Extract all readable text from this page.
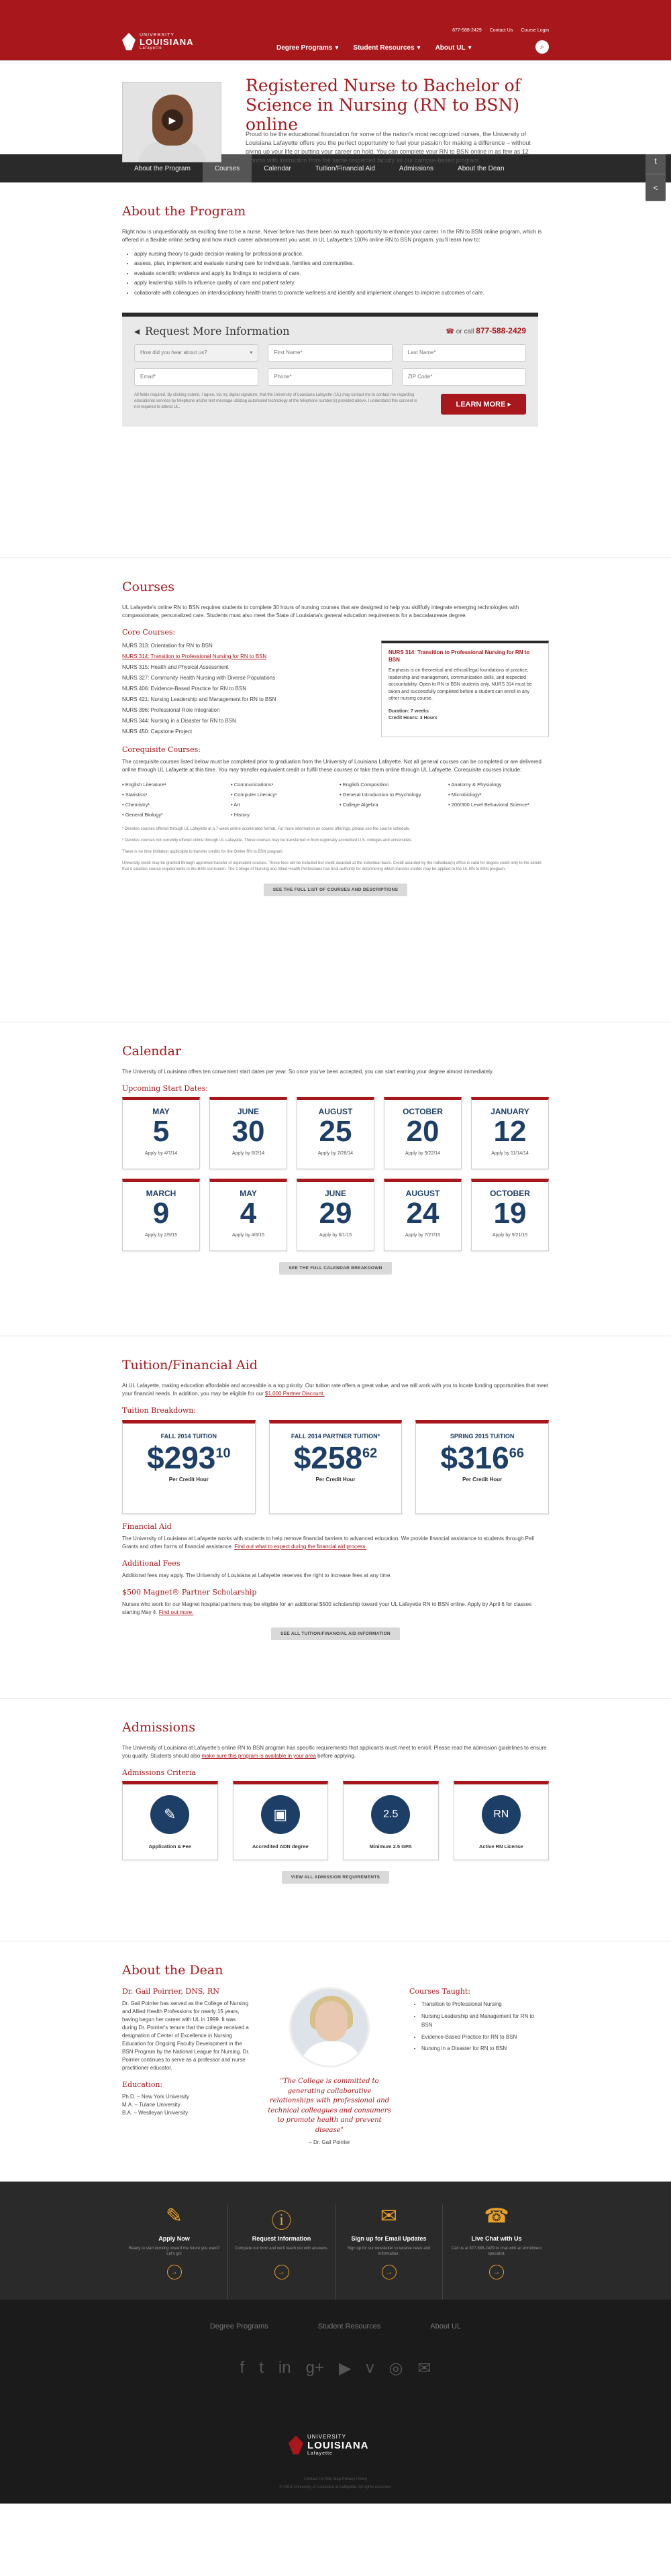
UNIVERSITY
LOUISIANA
Lafayette
877-588-2429 Contact Us Course Login
Degree Programs ▾ Student Resources ▾ About UL ▾	⌕
t
<
▶
Registered Nurse to Bachelor of Science in Nursing (RN to BSN) online

Proud to be the educational foundation for some of the nation's most recognized nurses, the University of Louisiana Lafayette offers you the perfect opportunity to fuel your passion for making a difference – without giving up your life or putting your career on hold. You can complete your RN to BSN online in as few as 12 months with instruction from the same respected faculty as our campus-based program.

About the Program	Courses	Calendar	Tuition/Financial Aid	Admissions	About the Dean
About the Program

Right now is unquestionably an exciting time to be a nurse. Never before has there been so much opportunity to enhance your career. In the RN to BSN online program, which is offered in a flexible online setting and how much career advancement you want, in UL Lafayette's 100% online RN to BSN program, you'll learn how to:

• apply nursing theory to guide decision-making for professional practice.
• assess, plan, implement and evaluate nursing care for individuals, families and communities.
• evaluate scientific evidence and apply its findings to recipients of care.
• apply leadership skills to influence quality of care and patient safety.
• collaborate with colleagues on interdisciplinary health teams to promote wellness and identify and implement changes to improve outcomes of care.
◂ Request More Information	☎ or call 877-588-2429
How did you hear about us?	▾	First Name*	Last Name*
Email*	Phone*	ZIP Code*

All fields required. By clicking submit, I agree, via my digital signature, that the University of Louisiana Lafayette (UL) may contact me to contact me regarding educational services by telephone and/or text message utilizing automated technology at the telephone number(s) provided above. I understand this consent is not required to attend UL.	LEARN MORE ▸
Courses

UL Lafayette's online RN to BSN requires students to complete 30 hours of nursing courses that are designed to help you skillfully integrate emerging technologies with compassionate, personalized care. Students must also meet the State of Louisiana's general education requirements for a baccalaureate degree.

Core Courses:
NURS 313: Orientation for RN to BSN
NURS 314: Transition to Professional Nursing for RN to BSN
NURS 315: Health and Physical Assessment
NURS 327: Community Health Nursing with Diverse Populations
NURS 406: Evidence-Based Practice for RN to BSN
NURS 421: Nursing Leadership and Management for RN to BSN
NURS 396: Professional Role Integration
NURS 344: Nursing in a Disaster for RN to BSN
NURS 450: Capstone Project
NURS 314: Transition to Professional Nursing for RN to BSN

Emphasis is on theoretical and ethical/legal foundations of practice, leadership and management, communication skills, and respected accountability. Open to RN to BSN students only. NURS 314 must be taken and successfully completed before a student can enroll in any other nursing course.

Duration: 7 weeks

Credit Hours: 3 Hours

Corequisite Courses:

The corequisite courses listed below must be completed prior to graduation from the University of Louisiana Lafayette. Not all general courses can be completed or are delivered online through UL Lafayette at this time. You may transfer equivalent credit or fulfill these courses or take them online through UL Lafayette. Corequisite courses include:

• English Literature¹
• Statistics¹
• Chemistry¹
• General Biology¹
• Communications¹
• Computer Literacy¹
• Art
• History
• English Composition
• General Introduction to Psychology
• College Algebra
• Anatomy & Physiology
• Microbiology¹
• 200/300 Level Behavioral Science¹

¹ Denotes courses offered through UL Lafayette at a 7-week online accelerated format. For more information on course offerings, please see the course schedule.

² Denotes courses not currently offered online through UL Lafayette. These courses may be transferred in from regionally accredited U.S. colleges and universities.

These is no time limitation applicable to transfer credits for the Online RN to BSN program.

University credit may be granted through approved transfer of equivalent courses. These fees will be included but credit awarded at the individual basis. Credit awarded by the individual(s) office is valid for degree credit only to the extent that it satisfies course requirements in the BSN curriculum. The College of Nursing and Allied Health Professions has final authority for determining which transfer credits may be applied to the UL RN to BSN program.

SEE THE FULL LIST OF COURSES AND DESCRIPTIONS
Calendar

The University of Louisiana offers ten convenient start dates per year. So once you've been accepted, you can start earning your degree almost immediately.

Upcoming Start Dates:
MAY
5
Apply by 4/7/14
JUNE
30
Apply by 6/2/14
AUGUST
25
Apply by 7/28/14
OCTOBER
20
Apply by 9/22/14
JANUARY
12
Apply by 11/14/14
MARCH
9
Apply by 2/9/15
MAY
4
Apply by 4/6/15
JUNE
29
Apply by 6/1/15
AUGUST
24
Apply by 7/27/15
OCTOBER
19
Apply by 9/21/15
SEE THE FULL CALENDAR BREAKDOWN
Tuition/Financial Aid

At UL Lafayette, making education affordable and accessible is a top priority. Our tuition rate offers a great value, and we will work with you to locate funding opportunities that meet your financial needs. In addition, you may be eligible for our $1,000 Partner Discount.

Tuition Breakdown:
FALL 2014 TUITION
$\$293^{10}$
Per Credit Hour
FALL 2014 PARTNER TUITION*
$\$258^{62}$
Per Credit Hour
SPRING 2015 TUITION
$\$316^{66}$
Per Credit Hour
Financial Aid

The University of Louisiana at Lafayette works with students to help remove financial barriers to advanced education. We provide financial assistance to students through Pell Grants and other forms of financial assistance. Find out what to expect during the financial aid process.

Additional Fees

Additional fees may apply. The University of Louisiana at Lafayette reserves the right to increase fees at any time.

$500 Magnet® Partner Scholarship

Nurses who work for our Magnet hospital partners may be eligible for an additional $500 scholarship toward your UL Lafayette RN to BSN online. Apply by April 6 for classes starting May 4. Find out more.

SEE ALL TUITION/FINANCIAL AID INFORMATION
Admissions

The University of Louisiana at Lafayette's online RN to BSN program has specific requirements that applicants must meet to enroll. Please read the admission guidelines to ensure you qualify. Students should also make sure this program is available in your area before applying.

Admissions Criteria
✎
Application & Fee
▣
Accredited ADN degree
2.5
Minimum 2.5 GPA
RN
Active RN License
VIEW ALL ADMISSION REQUIREMENTS
About the Dean
Dr. Gail Poirrier, DNS, RN

Dr. Gail Poirrier has served as the College of Nursing and Allied Health Professions for nearly 15 years, having begun her career with UL in 1999. It was during Dr. Poirrier's tenure that the college received a designation of Center of Excellence in Nursing Education for Ongoing Faculty Development in the BSN Program by the National League for Nursing. Dr. Poirrier continues to serve as a professor and nurse practitioner educator.

Education:

Ph.D. – New York University

M.A. – Tulane University

B.A. – Weslleyan University

"The College is committed to generating collaborative relationships with professional and technical colleagues and consumers to promote health and prevent disease"
– Dr. Gail Poirrier
Courses Taught:
• Transition to Professional Nursing
• Nursing Leadership and Management for RN to BSN
• Evidence-Based Practice for RN to BSN
• Nursing in a Disaster for RN to BSN
✎
Apply Now
Ready to start working toward the future you want? Let's go!
→
ⓘ
Request Information
Complete our form and we'll reach out with answers.
→
✉
Sign up for Email Updates
Sign up for our newsletter to receive news and information.
→
☎
Live Chat with Us
Call us at 877-588-2429 or chat with an enrollment specialist.
→
Degree Programs	Student Resources	About UL
f t in g+ ▶ v ◎ ✉
UNIVERSITY
LOUISIANA
Lafayette
Contact Us Site Map Privacy Policy
© 2014 University of Louisiana at Lafayette. All rights reserved.
